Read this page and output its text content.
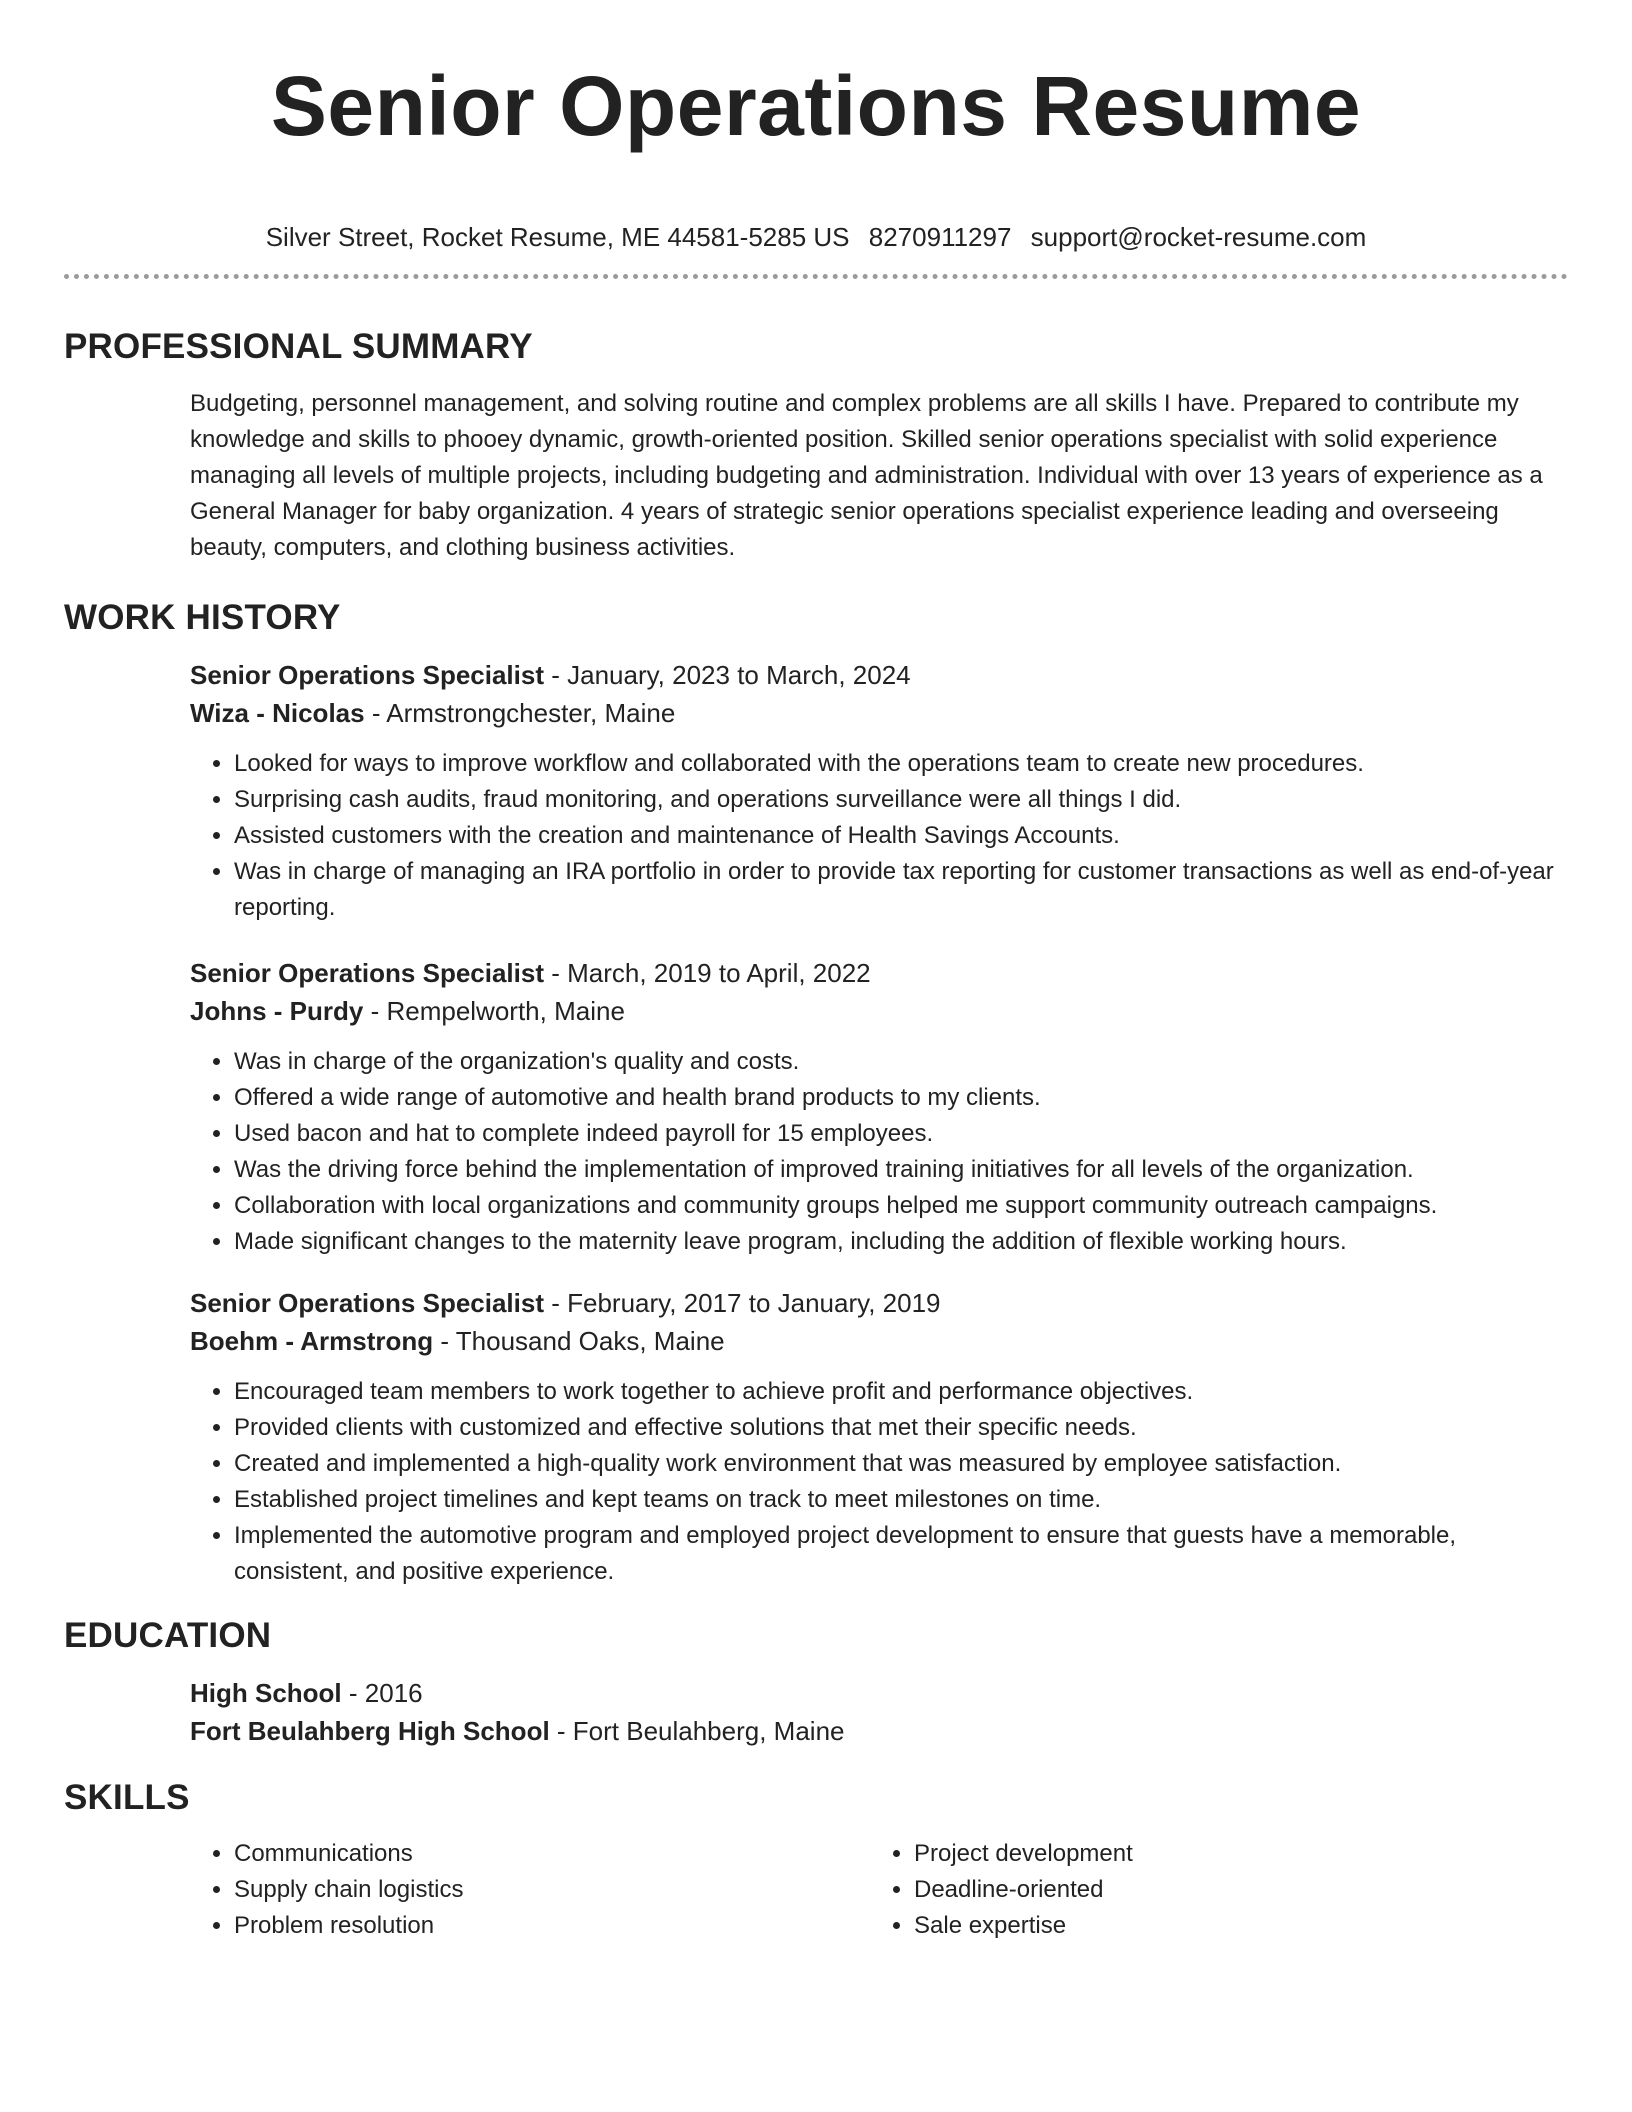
Senior Operations Resume
Silver Street, Rocket Resume, ME 44581-5285 US 8270911297 support@rocket-resume.com
PROFESSIONAL SUMMARY

Budgeting, personnel management, and solving routine and complex problems are all skills I have. Prepared to contribute my knowledge and skills to phooey dynamic, growth-oriented position. Skilled senior operations specialist with solid experience managing all levels of multiple projects, including budgeting and administration. Individual with over 13 years of experience as a General Manager for baby organization. 4 years of strategic senior operations specialist experience leading and overseeing beauty, computers, and clothing business activities.

WORK HISTORY

Senior Operations Specialist - January, 2023 to March, 2024

Wiza - Nicolas - Armstrongchester, Maine

• Looked for ways to improve workflow and collaborated with the operations team to create new procedures.
• Surprising cash audits, fraud monitoring, and operations surveillance were all things I did.
• Assisted customers with the creation and maintenance of Health Savings Accounts.
• Was in charge of managing an IRA portfolio in order to provide tax reporting for customer transactions as well as end-of-year reporting.

Senior Operations Specialist - March, 2019 to April, 2022

Johns - Purdy - Rempelworth, Maine

• Was in charge of the organization's quality and costs.
• Offered a wide range of automotive and health brand products to my clients.
• Used bacon and hat to complete indeed payroll for 15 employees.
• Was the driving force behind the implementation of improved training initiatives for all levels of the organization.
• Collaboration with local organizations and community groups helped me support community outreach campaigns.
• Made significant changes to the maternity leave program, including the addition of flexible working hours.

Senior Operations Specialist - February, 2017 to January, 2019

Boehm - Armstrong - Thousand Oaks, Maine

• Encouraged team members to work together to achieve profit and performance objectives.
• Provided clients with customized and effective solutions that met their specific needs.
• Created and implemented a high-quality work environment that was measured by employee satisfaction.
• Established project timelines and kept teams on track to meet milestones on time.
• Implemented the automotive program and employed project development to ensure that guests have a memorable, consistent, and positive experience.
EDUCATION

High School - 2016

Fort Beulahberg High School - Fort Beulahberg, Maine

SKILLS
• Communications
• Supply chain logistics
• Problem resolution
• Project development
• Deadline-oriented
• Sale expertise
